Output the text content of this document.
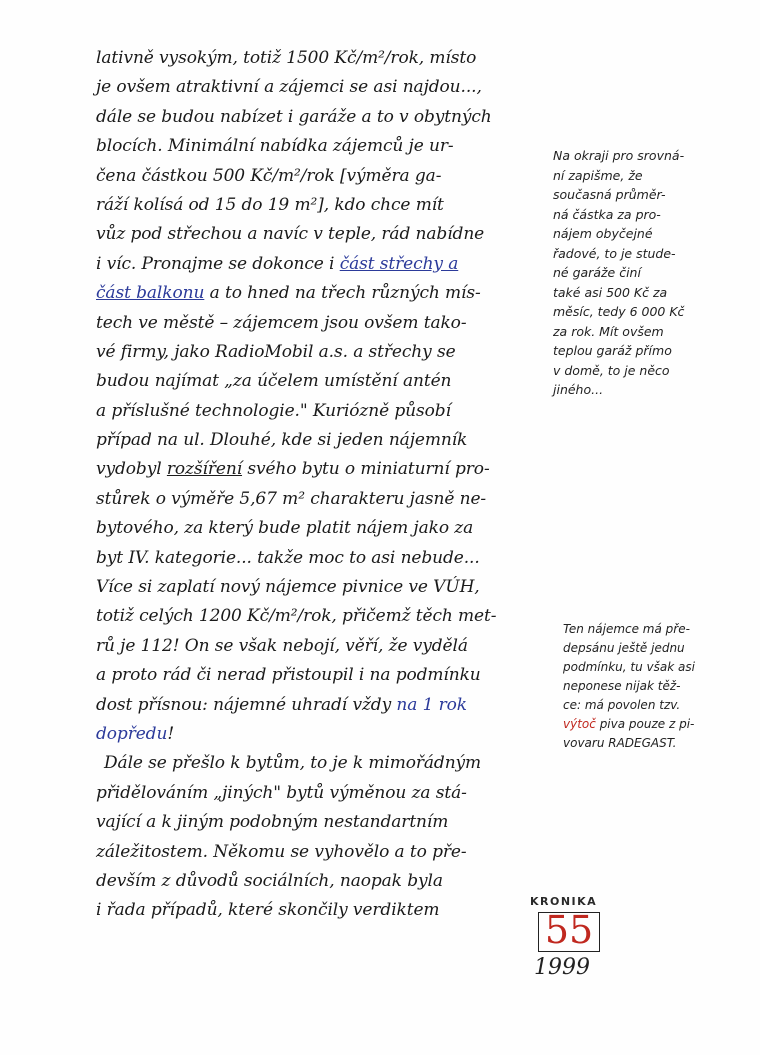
lativně vysokým, totiž 1500 Kč/m²/rok, místo
je ovšem atraktivní a zájemci se asi najdou...,
dále se budou nabízet i garáže a to v obytných
blocích. Minimální nabídka zájemců je ur-
čena částkou 500 Kč/m²/rok [výměra ga-
ráží kolísá od 15 do 19 m²], kdo chce mít
vůz pod střechou a navíc v teple, rád nabídne
i víc. Pronajme se dokonce i část střechy a
část balkonu a to hned na třech různých mís-
tech ve městě – zájemcem jsou ovšem tako-
vé firmy, jako RadioMobil a.s. a střechy se
budou najímat „za účelem umístění antén
a příslušné technologie." Kuriózně působí
případ na ul. Dlouhé, kde si jeden nájemník
vydobyl rozšíření svého bytu o miniaturní pro-
stůrek o výměře 5,67 m² charakteru jasně ne-
bytového, za který bude platit nájem jako za
byt IV. kategorie... takže moc to asi nebude...
Více si zaplatí nový nájemce pivnice ve VÚH,
totiž celých 1200 Kč/m²/rok, přičemž těch met-
rů je 112! On se však nebojí, věří, že vydělá
a proto rád či nerad přistoupil i na podmínku
dost přísnou: nájemné uhradí vždy na 1 rok
dopředu!
Dále se přešlo k bytům, to je k mimořádným
přidělováním „jiných" bytů výměnou za stá-
vající a k jiným podobným nestandartním
záležitostem. Někomu se vyhovělo a to pře-
devším z důvodů sociálních, naopak byla
i řada případů, které skončily verdiktem
Na okraji pro srovná-
ní zapišme, že
současná průměr-
ná částka za pro-
nájem obyčejné
řadové, to je stude-
né garáže činí
také asi 500 Kč za
měsíc, tedy 6 000 Kč
za rok. Mít ovšem
teplou garáž přímo
v domě, to je něco
jiného...
Ten nájemce má pře-
depsánu ještě jednu
podmínku, tu však asi
neponese nijak těž-
ce: má povolen tzv.
výtoč piva pouze z pi-
vovaru RADEGAST.
KRONIKA
55
1999
